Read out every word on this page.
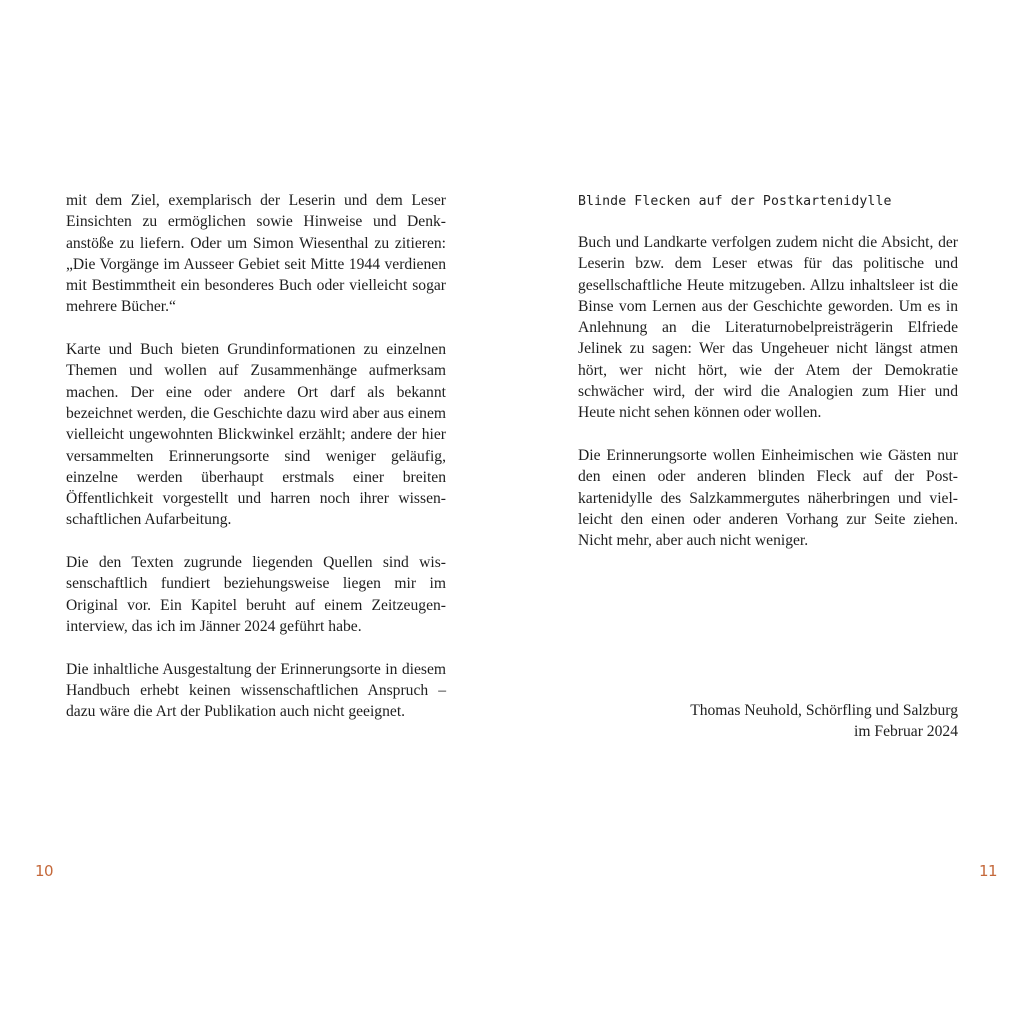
mit dem Ziel, exemplarisch der Leserin und dem Leser Einsichten zu ermöglichen sowie Hinweise und Denkanstöße zu liefern. Oder um Simon Wiesenthal zu zitieren: „Die Vorgänge im Ausseer Gebiet seit Mitte 1944 verdienen mit Bestimmtheit ein besonderes Buch oder vielleicht sogar mehrere Bücher.“

Karte und Buch bieten Grundinformationen zu einzelnen Themen und wollen auf Zusammenhänge aufmerksam machen. Der eine oder andere Ort darf als bekannt bezeichnet werden, die Geschichte dazu wird aber aus einem vielleicht ungewohnten Blickwinkel erzählt; andere der hier versammelten Erinnerungsorte sind weniger geläufig, einzelne werden überhaupt erstmals einer breiten Öffentlichkeit vorgestellt und harren noch ihrer wissenschaftlichen Aufarbeitung.

Die den Texten zugrunde liegenden Quellen sind wissenschaftlich fundiert beziehungsweise liegen mir im Original vor. Ein Kapitel beruht auf einem Zeitzeugeninterview, das ich im Jänner 2024 geführt habe.

Die inhaltliche Ausgestaltung der Erinnerungsorte in diesem Handbuch erhebt keinen wissenschaftlichen Anspruch – dazu wäre die Art der Publikation auch nicht geeignet.

10
Blinde Flecken auf der Postkartenidylle

Buch und Landkarte verfolgen zudem nicht die Absicht, der Leserin bzw. dem Leser etwas für das politische und gesellschaftliche Heute mitzugeben. Allzu inhaltsleer ist die Binse vom Lernen aus der Geschichte geworden. Um es in Anlehnung an die Literaturnobelpreisträgerin Elfriede Jelinek zu sagen: Wer das Ungeheuer nicht längst atmen hört, wer nicht hört, wie der Atem der Demokratie schwächer wird, der wird die Analogien zum Hier und Heute nicht sehen können oder wollen.

Die Erinnerungsorte wollen Einheimischen wie Gästen nur den einen oder anderen blinden Fleck auf der Postkartenidylle des Salzkammergutes näherbringen und vielleicht den einen oder anderen Vorhang zur Seite ziehen. Nicht mehr, aber auch nicht weniger.

Thomas Neuhold, Schörfling und Salzburg
im Februar 2024
11
